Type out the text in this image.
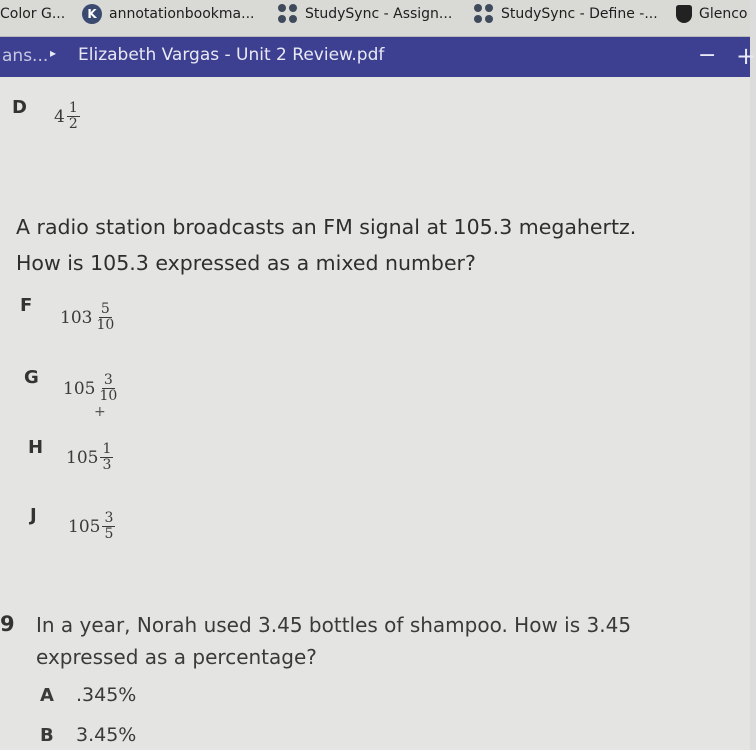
Color G...	K annotationbookma...	StudySync - Assign...	StudySync - Define -...	Glenco
ans... ▸ Elizabeth Vargas - Unit 2 Review.pdf	− +
D $4 \frac{1}{2}$
A radio station broadcasts an FM signal at 105.3 megahertz.
How is 105.3 expressed as a mixed number?
F
$103 \frac{5}{10}$
G
$105 \frac{3}{10}$
+
H $105 \frac{1}{3}$
J
$105 \frac{3}{5}$
9 In a year, Norah used 3.45 bottles of shampoo. How is 3.45
expressed as a percentage?
A .345%
B 3.45%
